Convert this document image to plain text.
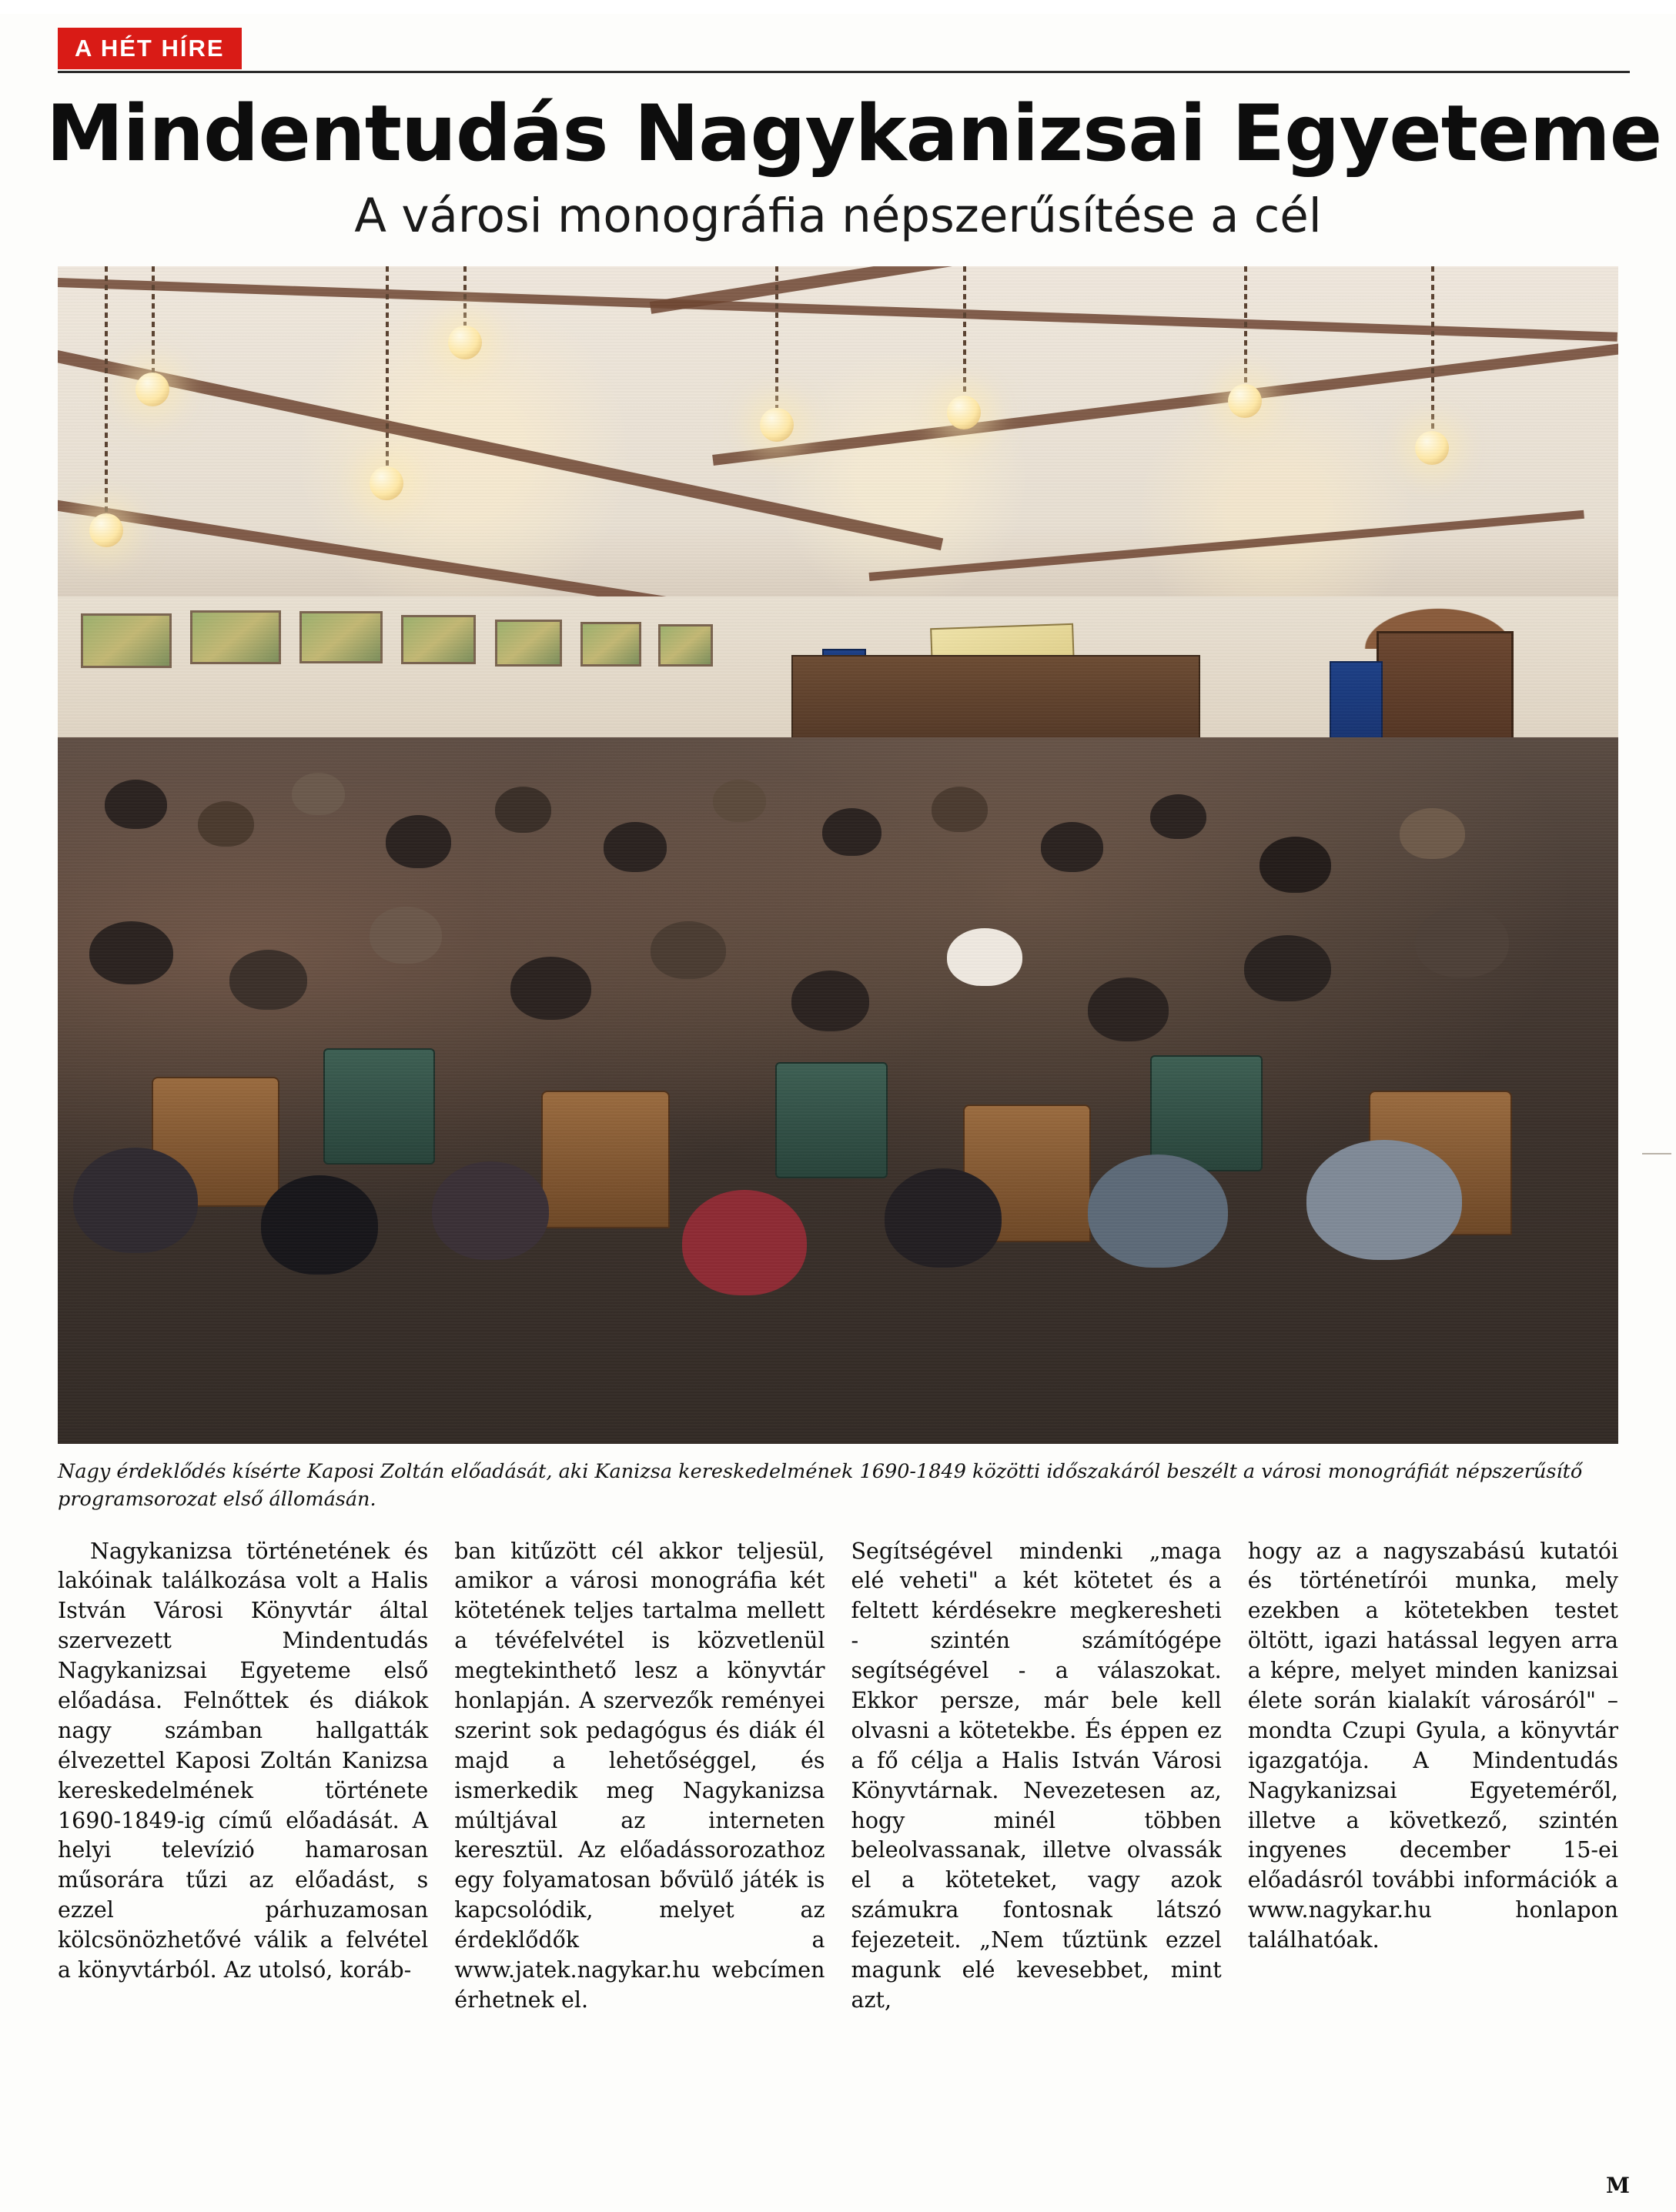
A HÉT HÍRE
Mindentudás Nagykanizsai Egyeteme
A városi monográfia népszerűsítése a cél
Nagy érdeklődés kísérte Kaposi Zoltán előadását, aki Kanizsa kereskedelmének 1690-1849 közötti időszakáról beszélt a városi monográfiát népszerűsítő programsorozat első állomásán.

Nagykanizsa történetének és lakóinak találkozása volt a Halis István Városi Könyvtár által szervezett Mindentudás Nagykanizsai Egyeteme első előadása. Felnőttek és diákok nagy számban hallgatták élvezettel Kaposi Zoltán Kanizsa kereskedelmének története 1690-1849-ig című előadását. A helyi televízió hamarosan műsorára tűzi az előadást, s ezzel párhuzamosan kölcsönözhetővé válik a felvétel a könyvtárból. Az utolsó, koráb-

ban kitűzött cél akkor teljesül, amikor a városi monográfia két kötetének teljes tartalma mellett a tévéfelvétel is közvetlenül megtekinthető lesz a könyvtár honlapján. A szervezők reményei szerint sok pedagógus és diák él majd a lehetőséggel, és ismerkedik meg Nagykanizsa múltjával az interneten keresztül. Az előadássorozathoz egy folyamatosan bővülő játék is kapcsolódik, melyet az érdeklődők a www.jatek.nagykar.hu webcímen érhetnek el.

Segítségével mindenki „maga elé veheti" a két kötetet és a feltett kérdésekre megkeresheti - szintén számítógépe segítségével - a válaszokat. Ekkor persze, már bele kell olvasni a kötetekbe. És éppen ez a fő célja a Halis István Városi Könyvtárnak. Nevezetesen az, hogy minél többen beleolvassanak, illetve olvassák el a köteteket, vagy azok számukra fontosnak látszó fejezeteit. „Nem tűztünk ezzel magunk elé kevesebbet, mint azt,

hogy az a nagyszabású kutatói és történetírói munka, mely ezekben a kötetekben testet öltött, igazi hatással legyen arra a képre, melyet minden kanizsai élete során kialakít városáról" – mondta Czupi Gyula, a könyvtár igazgatója. A Mindentudás Nagykanizsai Egyeteméről, illetve a következő, szintén ingyenes december 15-ei előadásról további információk a www.nagykar.hu honlapon találhatóak.

M
